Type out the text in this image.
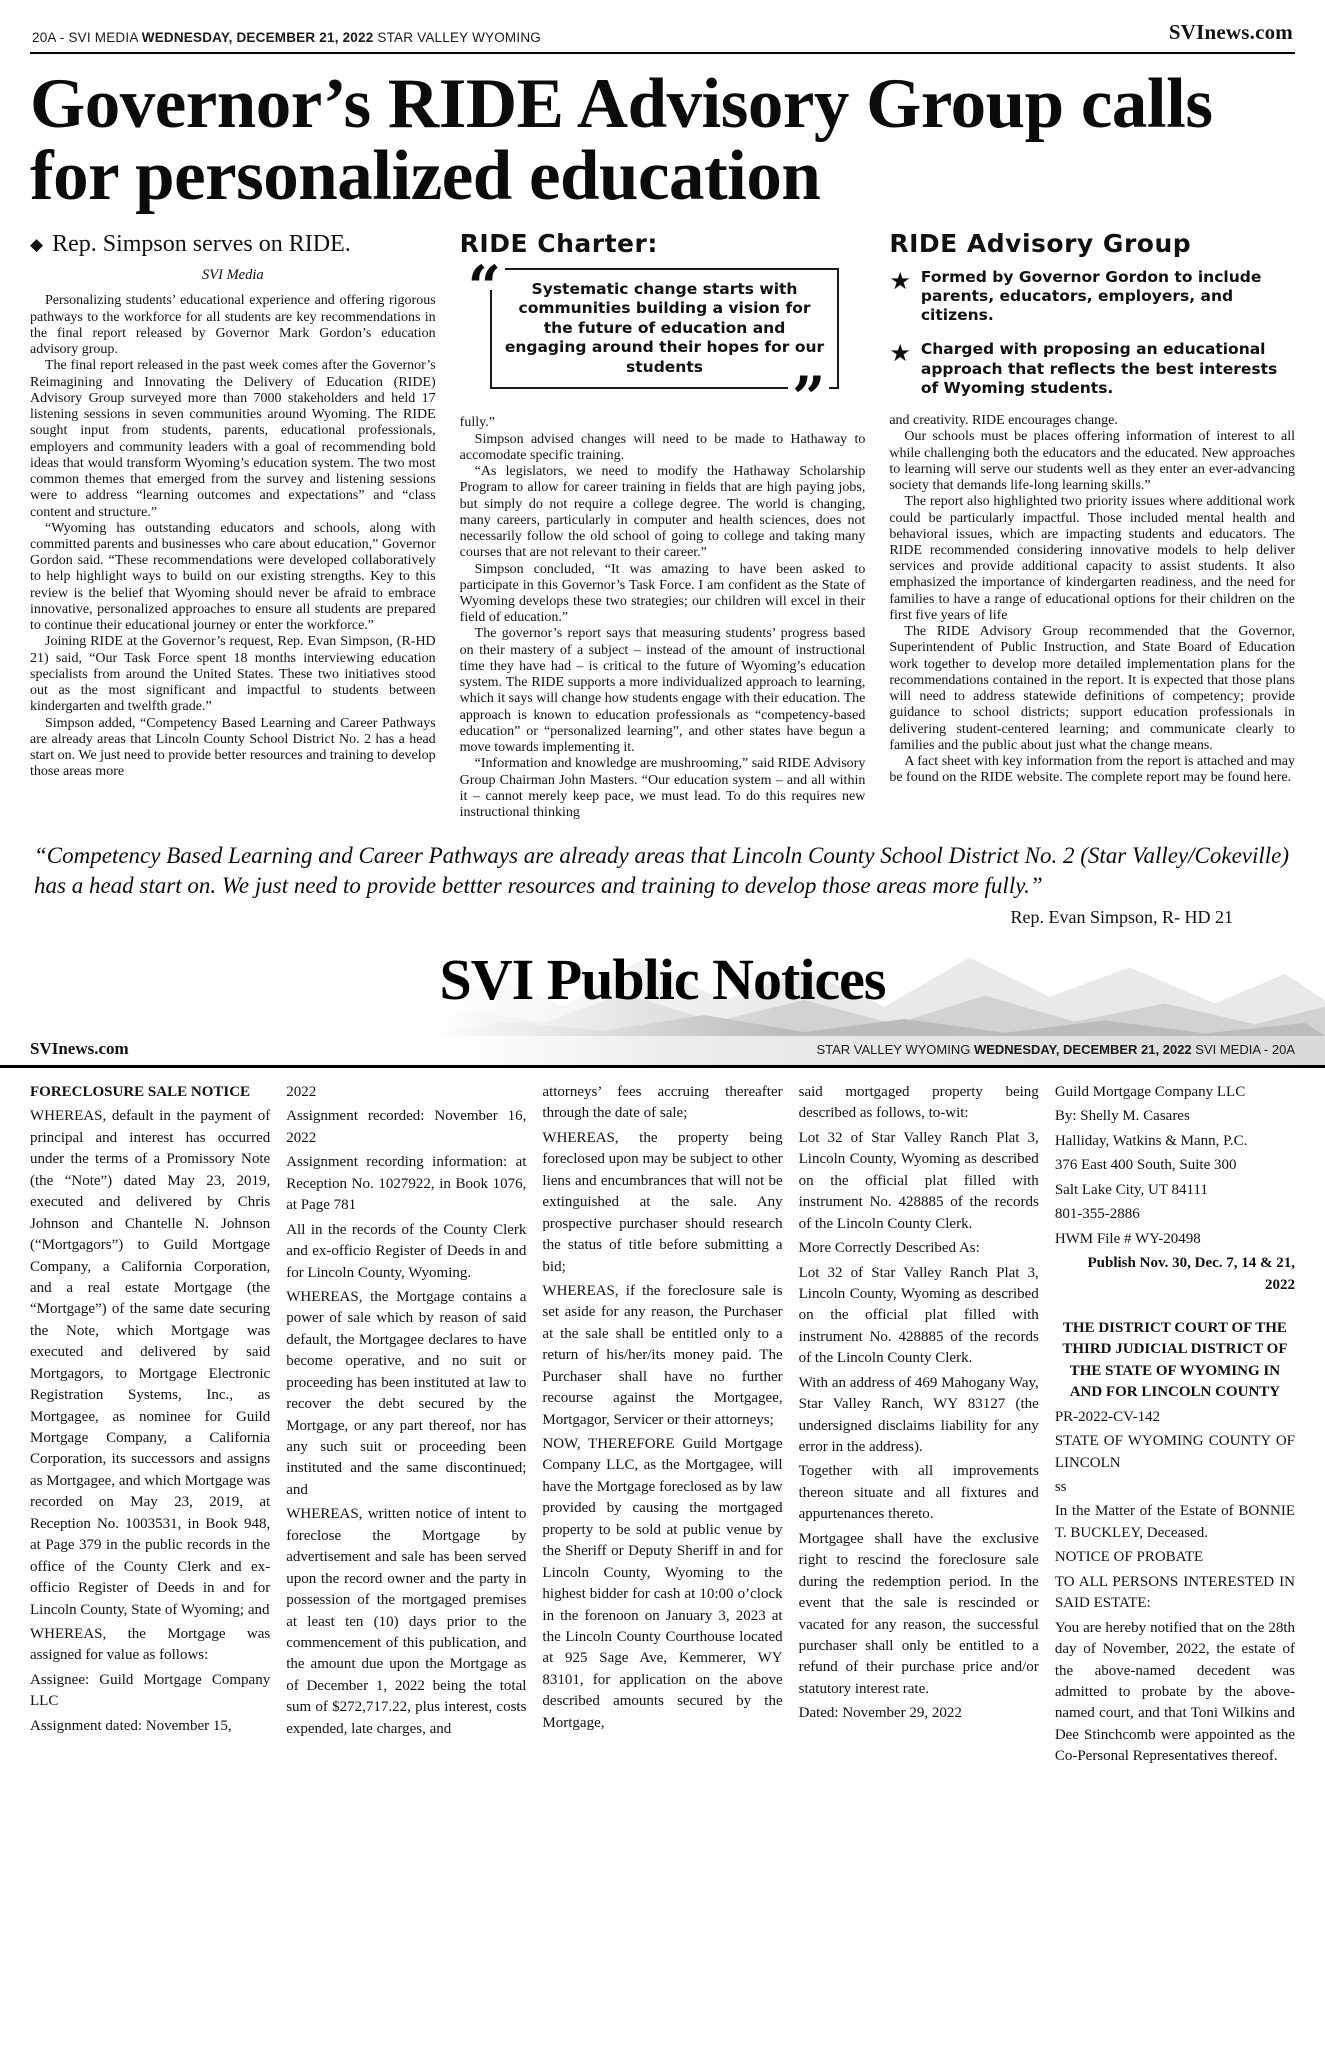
20A - SVI MEDIA WEDNESDAY, DECEMBER 21, 2022 STAR VALLEY WYOMING	SVInews.com
Governor’s RIDE Advisory Group calls for personalized education
◆ Rep. Simpson serves on RIDE.
SVI Media

Personalizing students’ educational experience and offering rigorous pathways to the workforce for all students are key recommendations in the final report released by Governor Mark Gordon’s education advisory group.

The final report released in the past week comes after the Governor’s Reimagining and Innovating the Delivery of Education (RIDE) Advisory Group surveyed more than 7000 stakeholders and held 17 listening sessions in seven communities around Wyoming. The RIDE sought input from students, parents, educational professionals, employers and community leaders with a goal of recommending bold ideas that would transform Wyoming’s education system. The two most common themes that emerged from the survey and listening sessions were to address “learning outcomes and expectations” and “class content and structure.”

“Wyoming has outstanding educators and schools, along with committed parents and businesses who care about education,” Governor Gordon said. “These recommendations were developed collaboratively to help highlight ways to build on our existing strengths. Key to this review is the belief that Wyoming should never be afraid to embrace innovative, personalized approaches to ensure all students are prepared to continue their educational journey or enter the workforce.”

Joining RIDE at the Governor’s request, Rep. Evan Simpson, (R-HD 21) said, “Our Task Force spent 18 months interviewing education specialists from around the United States. These two initiatives stood out as the most significant and impactful to students between kindergarten and twelfth grade.”

Simpson added, “Competency Based Learning and Career Pathways are already areas that Lincoln County School District No. 2 has a head start on. We just need to provide better resources and training to develop those areas more

RIDE Charter:
“	Systematic change starts with communities building a vision for the future of education and engaging around their hopes for our students	”

fully.”

Simpson advised changes will need to be made to Hathaway to accomodate specific training.

“As legislators, we need to modify the Hathaway Scholarship Program to allow for career training in fields that are high paying jobs, but simply do not require a college degree. The world is changing, many careers, particularly in computer and health sciences, does not necessarily follow the old school of going to college and taking many courses that are not relevant to their career.”

Simpson concluded, “It was amazing to have been asked to participate in this Governor’s Task Force. I am confident as the State of Wyoming develops these two strategies; our children will excel in their field of education.”

The governor’s report says that measuring students’ progress based on their mastery of a subject – instead of the amount of instructional time they have had – is critical to the future of Wyoming’s education system. The RIDE supports a more individualized approach to learning, which it says will change how students engage with their education. The approach is known to education professionals as “competency-based education” or “personalized learning”, and other states have begun a move towards implementing it.

“Information and knowledge are mushrooming,” said RIDE Advisory Group Chairman John Masters. “Our education system – and all within it – cannot merely keep pace, we must lead. To do this requires new instructional thinking

RIDE Advisory Group
★ Formed by Governor Gordon to include parents, educators, employers, and citizens.
★ Charged with proposing an educational approach that reflects the best interests of Wyoming students.

and creativity. RIDE encourages change.

Our schools must be places offering information of interest to all while challenging both the educators and the educated. New approaches to learning will serve our students well as they enter an ever-advancing society that demands life-long learning skills.”

The report also highlighted two priority issues where additional work could be particularly impactful. Those included mental health and behavioral issues, which are impacting students and educators. The RIDE recommended considering innovative models to help deliver services and provide additional capacity to assist students. It also emphasized the importance of kindergarten readiness, and the need for families to have a range of educational options for their children on the first five years of life

The RIDE Advisory Group recommended that the Governor, Superintendent of Public Instruction, and State Board of Education work together to develop more detailed implementation plans for the recommendations contained in the report. It is expected that those plans will need to address statewide definitions of competency; provide guidance to school districts; support education professionals in delivering student-centered learning; and communicate clearly to families and the public about just what the change means.

A fact sheet with key information from the report is attached and may be found on the RIDE website. The complete report may be found here.

“Competency Based Learning and Career Pathways are already areas that Lincoln County School District No. 2 (Star Valley/Cokeville) has a head start on. We just need to provide bettter resources and training to develop those areas more fully.”
Rep. Evan Simpson, R- HD 21
SVI Public Notices
SVInews.com	STAR VALLEY WYOMING WEDNESDAY, DECEMBER 21, 2022 SVI MEDIA - 20A

FORECLOSURE SALE NOTICE

WHEREAS, default in the payment of principal and interest has occurred under the terms of a Promissory Note (the “Note”) dated May 23, 2019, executed and delivered by Chris Johnson and Chantelle N. Johnson (“Mortgagors”) to Guild Mortgage Company, a California Corporation, and a real estate Mortgage (the “Mortgage”) of the same date securing the Note, which Mortgage was executed and delivered by said Mortgagors, to Mortgage Electronic Registration Systems, Inc., as Mortgagee, as nominee for Guild Mortgage Company, a California Corporation, its successors and assigns as Mortgagee, and which Mortgage was recorded on May 23, 2019, at Reception No. 1003531, in Book 948, at Page 379 in the public records in the office of the County Clerk and ex-officio Register of Deeds in and for Lincoln County, State of Wyoming; and

WHEREAS, the Mortgage was assigned for value as follows:

Assignee: Guild Mortgage Company LLC

Assignment dated: November 15,

2022

Assignment recorded: November 16, 2022

Assignment recording information: at Reception No. 1027922, in Book 1076, at Page 781

All in the records of the County Clerk and ex-officio Register of Deeds in and for Lincoln County, Wyoming.

WHEREAS, the Mortgage contains a power of sale which by reason of said default, the Mortgagee declares to have become operative, and no suit or proceeding has been instituted at law to recover the debt secured by the Mortgage, or any part thereof, nor has any such suit or proceeding been instituted and the same discontinued; and

WHEREAS, written notice of intent to foreclose the Mortgage by advertisement and sale has been served upon the record owner and the party in possession of the mortgaged premises at least ten (10) days prior to the commencement of this publication, and the amount due upon the Mortgage as of December 1, 2022 being the total sum of $272,717.22, plus interest, costs expended, late charges, and

attorneys’ fees accruing thereafter through the date of sale;

WHEREAS, the property being foreclosed upon may be subject to other liens and encumbrances that will not be extinguished at the sale. Any prospective purchaser should research the status of title before submitting a bid;

WHEREAS, if the foreclosure sale is set aside for any reason, the Purchaser at the sale shall be entitled only to a return of his/her/its money paid. The Purchaser shall have no further recourse against the Mortgagee, Mortgagor, Servicer or their attorneys;

NOW, THEREFORE Guild Mortgage Company LLC, as the Mortgagee, will have the Mortgage foreclosed as by law provided by causing the mortgaged property to be sold at public venue by the Sheriff or Deputy Sheriff in and for Lincoln County, Wyoming to the highest bidder for cash at 10:00 o’clock in the forenoon on January 3, 2023 at the Lincoln County Courthouse located at 925 Sage Ave, Kemmerer, WY 83101, for application on the above described amounts secured by the Mortgage,

said mortgaged property being described as follows, to-wit:

Lot 32 of Star Valley Ranch Plat 3, Lincoln County, Wyoming as described on the official plat filled with instrument No. 428885 of the records of the Lincoln County Clerk.

More Correctly Described As:

Lot 32 of Star Valley Ranch Plat 3, Lincoln County, Wyoming as described on the official plat filled with instrument No. 428885 of the records of the Lincoln County Clerk.

With an address of 469 Mahogany Way, Star Valley Ranch, WY 83127 (the undersigned disclaims liability for any error in the address).

Together with all improvements thereon situate and all fixtures and appurtenances thereto.

Mortgagee shall have the exclusive right to rescind the foreclosure sale during the redemption period. In the event that the sale is rescinded or vacated for any reason, the successful purchaser shall only be entitled to a refund of their purchase price and/or statutory interest rate.

Dated: November 29, 2022

Guild Mortgage Company LLC

By: Shelly M. Casares

Halliday, Watkins & Mann, P.C.

376 East 400 South, Suite 300

Salt Lake City, UT 84111

801-355-2886

HWM File # WY-20498

Publish Nov. 30, Dec. 7, 14 & 21, 2022

THE DISTRICT COURT OF THE THIRD JUDICIAL DISTRICT OF THE STATE OF WYOMING IN AND FOR LINCOLN COUNTY

PR-2022-CV-142

STATE OF WYOMING COUNTY OF LINCOLN

ss

In the Matter of the Estate of BONNIE T. BUCKLEY, Deceased.

NOTICE OF PROBATE

TO ALL PERSONS INTERESTED IN SAID ESTATE:

You are hereby notified that on the 28th day of November, 2022, the estate of the above-named decedent was admitted to probate by the above-named court, and that Toni Wilkins and Dee Stinchcomb were appointed as the Co-Personal Representatives thereof.
